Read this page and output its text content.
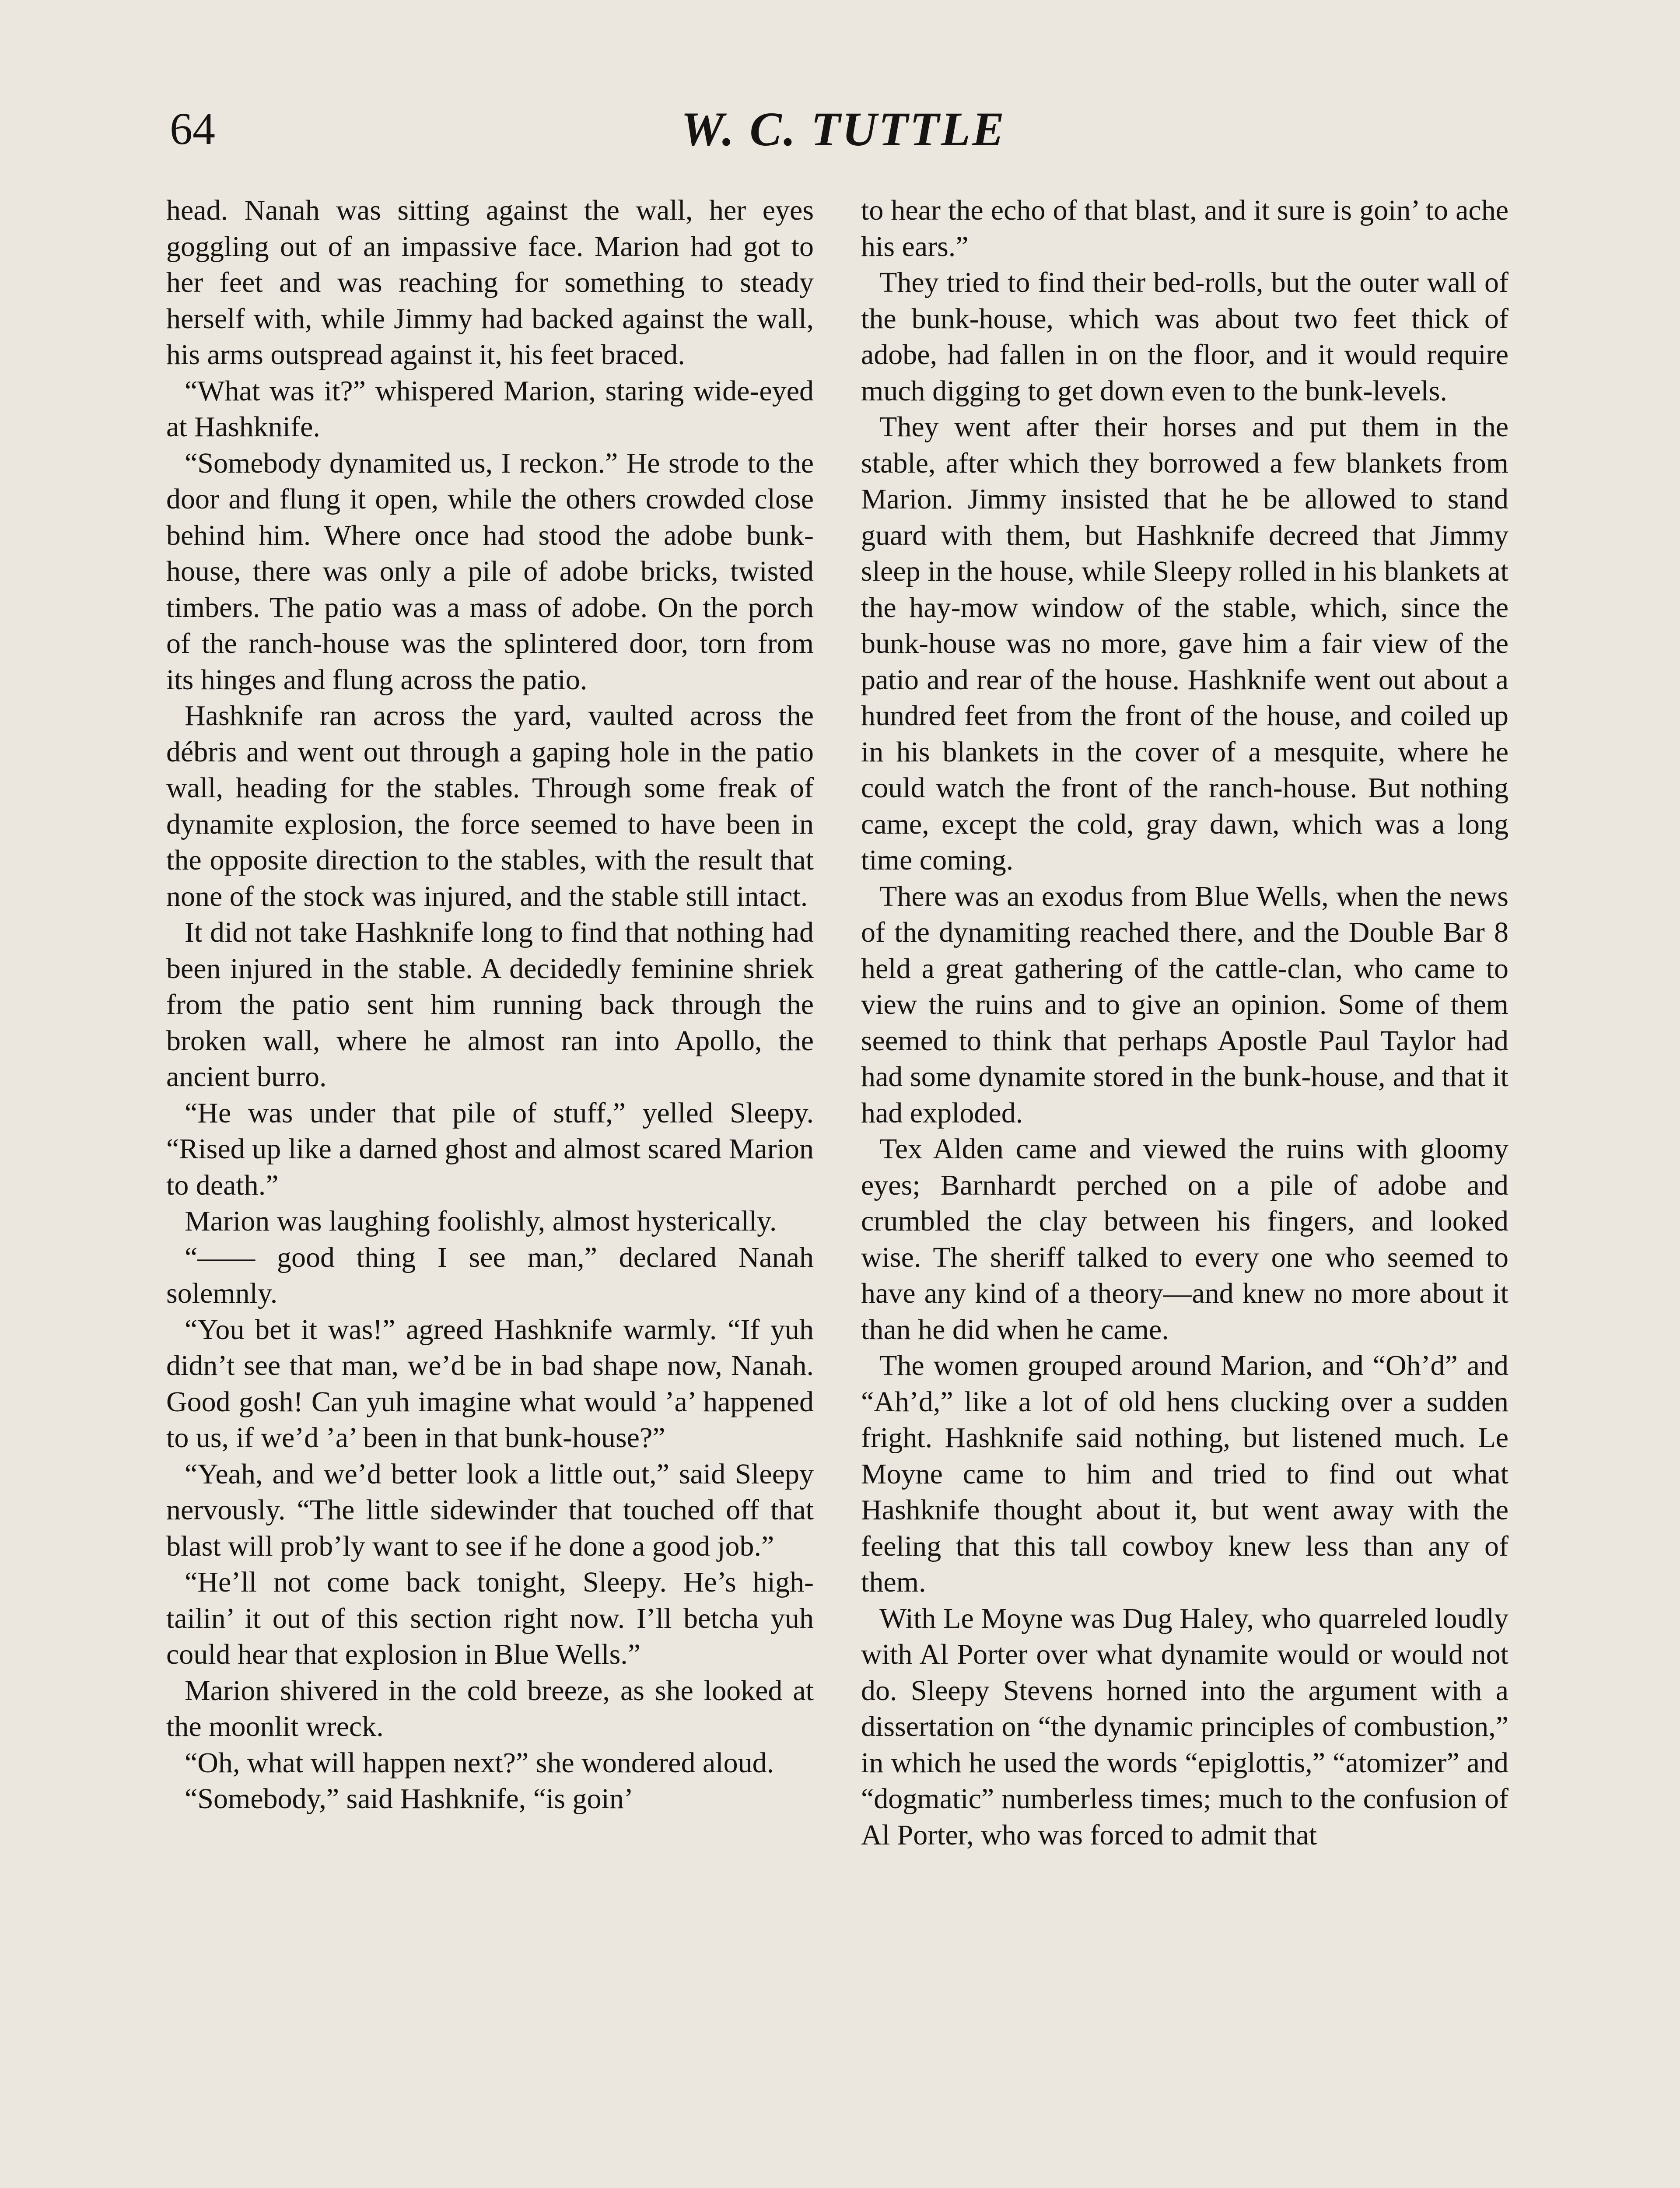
64	W. C. TUTTLE

head. Nanah was sitting against the wall, her eyes goggling out of an impassive face. Marion had got to her feet and was reaching for something to steady herself with, while Jimmy had backed against the wall, his arms outspread against it, his feet braced.

“What was it?” whispered Marion, staring wide-eyed at Hashknife.

“Somebody dynamited us, I reckon.” He strode to the door and flung it open, while the others crowded close behind him. Where once had stood the adobe bunk-house, there was only a pile of adobe bricks, twisted timbers. The patio was a mass of adobe. On the porch of the ranch-house was the splintered door, torn from its hinges and flung across the patio.

Hashknife ran across the yard, vaulted across the débris and went out through a gaping hole in the patio wall, heading for the stables. Through some freak of dynamite explosion, the force seemed to have been in the opposite direction to the stables, with the result that none of the stock was injured, and the stable still intact.

It did not take Hashknife long to find that nothing had been injured in the stable. A decidedly feminine shriek from the patio sent him running back through the broken wall, where he almost ran into Apollo, the ancient burro.

“He was under that pile of stuff,” yelled Sleepy. “Rised up like a darned ghost and almost scared Marion to death.”

Marion was laughing foolishly, almost hysterically.

“—— good thing I see man,” declared Nanah solemnly.

“You bet it was!” agreed Hashknife warmly. “If yuh didn’t see that man, we’d be in bad shape now, Nanah. Good gosh! Can yuh imagine what would ’a’ happened to us, if we’d ’a’ been in that bunk-house?”

“Yeah, and we’d better look a little out,” said Sleepy nervously. “The little sidewinder that touched off that blast will prob’ly want to see if he done a good job.”

“He’ll not come back tonight, Sleepy. He’s high-tailin’ it out of this section right now. I’ll betcha yuh could hear that explosion in Blue Wells.”

Marion shivered in the cold breeze, as she looked at the moonlit wreck.

“Oh, what will happen next?” she wondered aloud.

“Somebody,” said Hashknife, “is goin’

to hear the echo of that blast, and it sure is goin’ to ache his ears.”

They tried to find their bed-rolls, but the outer wall of the bunk-house, which was about two feet thick of adobe, had fallen in on the floor, and it would require much digging to get down even to the bunk-levels.

They went after their horses and put them in the stable, after which they borrowed a few blankets from Marion. Jimmy insisted that he be allowed to stand guard with them, but Hashknife decreed that Jimmy sleep in the house, while Sleepy rolled in his blankets at the hay-mow window of the stable, which, since the bunk-house was no more, gave him a fair view of the patio and rear of the house. Hashknife went out about a hundred feet from the front of the house, and coiled up in his blankets in the cover of a mesquite, where he could watch the front of the ranch-house. But nothing came, except the cold, gray dawn, which was a long time coming.

There was an exodus from Blue Wells, when the news of the dynamiting reached there, and the Double Bar 8 held a great gathering of the cattle-clan, who came to view the ruins and to give an opinion. Some of them seemed to think that perhaps Apostle Paul Taylor had had some dynamite stored in the bunk-house, and that it had exploded.

Tex Alden came and viewed the ruins with gloomy eyes; Barnhardt perched on a pile of adobe and crumbled the clay between his fingers, and looked wise. The sheriff talked to every one who seemed to have any kind of a theory—and knew no more about it than he did when he came.

The women grouped around Marion, and “Oh’d” and “Ah’d,” like a lot of old hens clucking over a sudden fright. Hashknife said nothing, but listened much. Le Moyne came to him and tried to find out what Hashknife thought about it, but went away with the feeling that this tall cowboy knew less than any of them.

With Le Moyne was Dug Haley, who quarreled loudly with Al Porter over what dynamite would or would not do. Sleepy Stevens horned into the argument with a dissertation on “the dynamic principles of combustion,” in which he used the words “epiglottis,” “atomizer” and “dogmatic” numberless times; much to the confusion of Al Porter, who was forced to admit that
